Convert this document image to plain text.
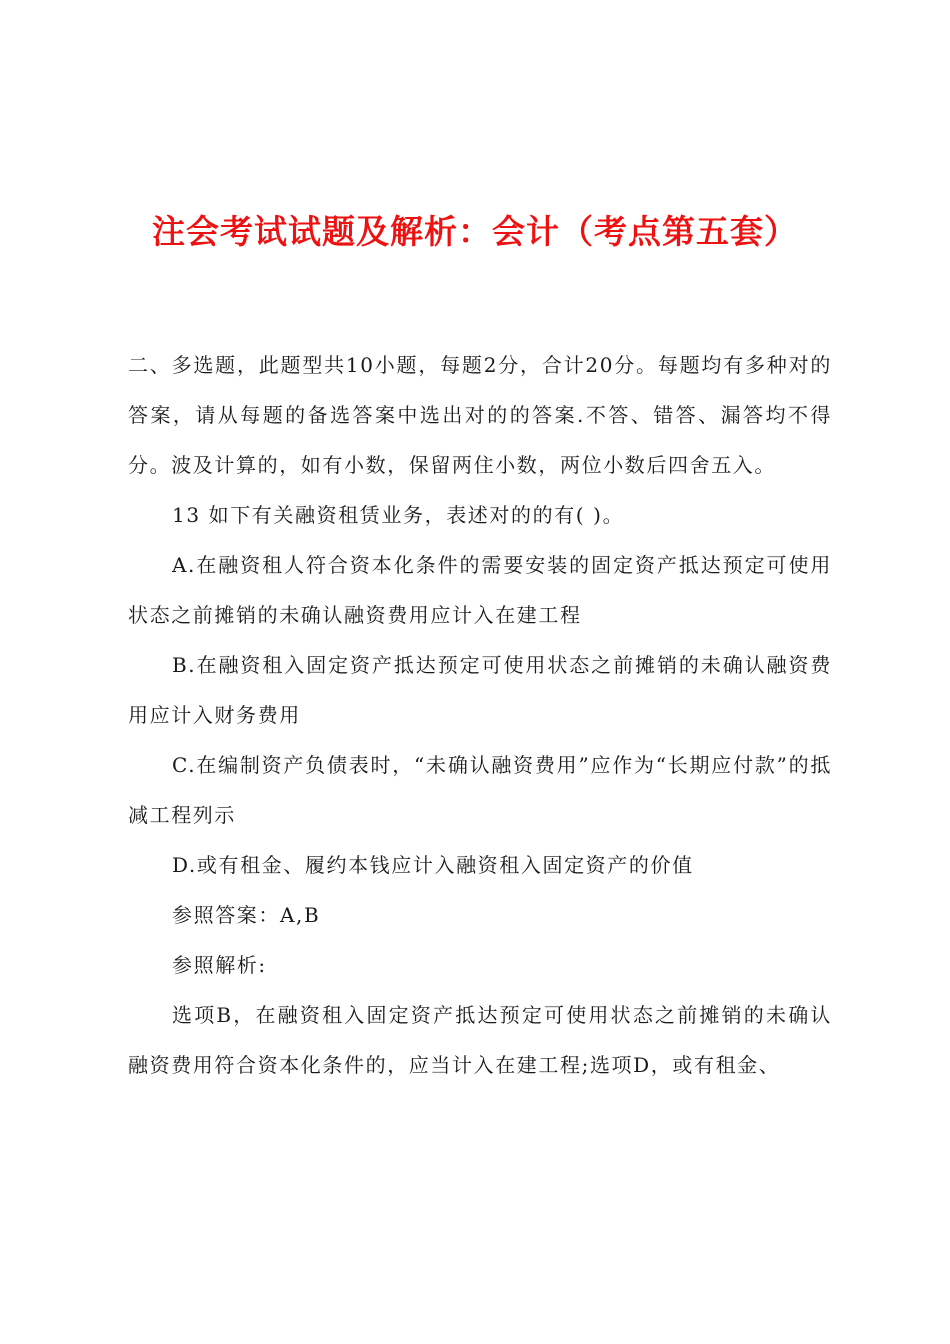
注会考试试题及解析：会计（考点第五套）

二、多选题，此题型共10小题，每题2分，合计20分。每题均有多种对的答案，请从每题的备选答案中选出对的的答案.不答、错答、漏答均不得分。波及计算的，如有小数，保留两住小数，两位小数后四舍五入。

13 如下有关融资租赁业务，表述对的的有( )。

A.在融资租人符合资本化条件的需要安装的固定资产抵达预定可使用状态之前摊销的未确认融资费用应计入在建工程

B.在融资租入固定资产抵达预定可使用状态之前摊销的未确认融资费用应计入财务费用

C.在编制资产负债表时，“未确认融资费用”应作为“长期应付款”的抵减工程列示

D.或有租金、履约本钱应计入融资租入固定资产的价值

参照答案：A,B

参照解析:

选项B，在融资租入固定资产抵达预定可使用状态之前摊销的未确认融资费用符合资本化条件的，应当计入在建工程;选项D，或有租金、
